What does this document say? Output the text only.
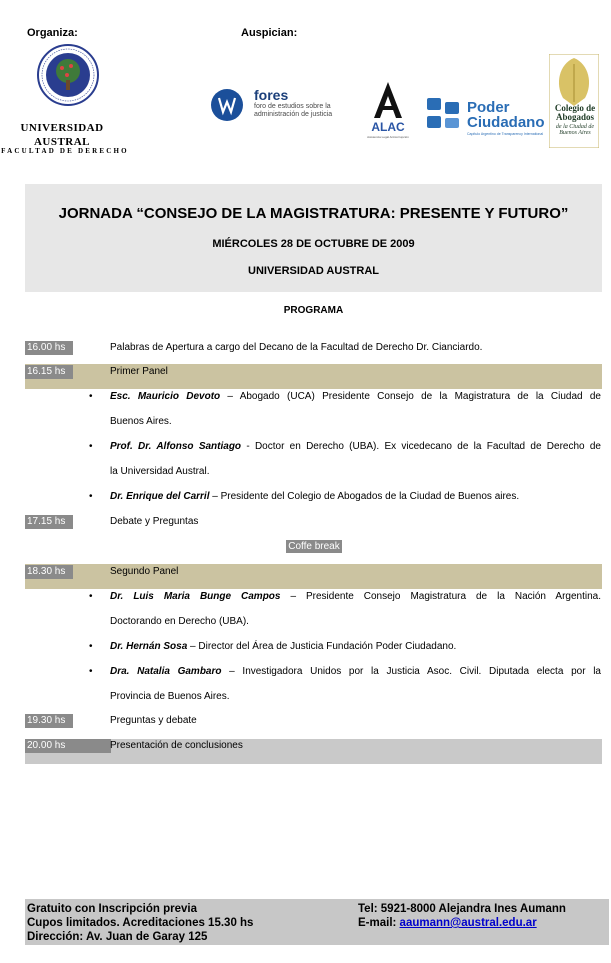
Organiza:	Auspician:
UNIVERSIDAD AUSTRAL
FACULTAD DE DERECHO
fores
foro de estudios sobre la administración de justicia
ALAC
Asistencia Legal Anticorrupción
Poder Ciudadano
Capítulo Argentino de Transparency International
Colegio de Abogados
de la Ciudad de Buenos Aires
JORNADA “CONSEJO DE LA MAGISTRATURA: PRESENTE Y FUTURO”
MIÉRCOLES 28 DE OCTUBRE DE 2009
UNIVERSIDAD AUSTRAL
PROGRAMA
16.00 hs	Palabras de Apertura a cargo del Decano de la Facultad de Derecho Dr. Cianciardo.
16.15 hs	Primer Panel
• Esc. Mauricio Devoto – Abogado (UCA) Presidente Consejo de la Magistratura de la Ciudad de
Buenos Aires.
• Prof. Dr. Alfonso Santiago - Doctor en Derecho (UBA). Ex vicedecano de la Facultad de Derecho de
la Universidad Austral.
• Dr. Enrique del Carril – Presidente del Colegio de Abogados de la Ciudad de Buenos aires.
17.15 hs	Debate y Preguntas
Coffe break
18.30 hs	Segundo Panel
• Dr. Luis Maria Bunge Campos – Presidente Consejo Magistratura de la Nación Argentina.
Doctorando en Derecho (UBA).
• Dr. Hernán Sosa – Director del Área de Justicia Fundación Poder Ciudadano.
• Dra. Natalia Gambaro – Investigadora Unidos por la Justicia Asoc. Civil. Diputada electa por la
Provincia de Buenos Aires.
19.30 hs	Preguntas y debate
20.00 hs	Presentación de conclusiones
Gratuito con Inscripción previa
Cupos limitados. Acreditaciones 15.30 hs
Dirección: Av. Juan de Garay 125
Tel: 5921-8000 Alejandra Ines Aumann
E-mail: aaumann@austral.edu.ar
